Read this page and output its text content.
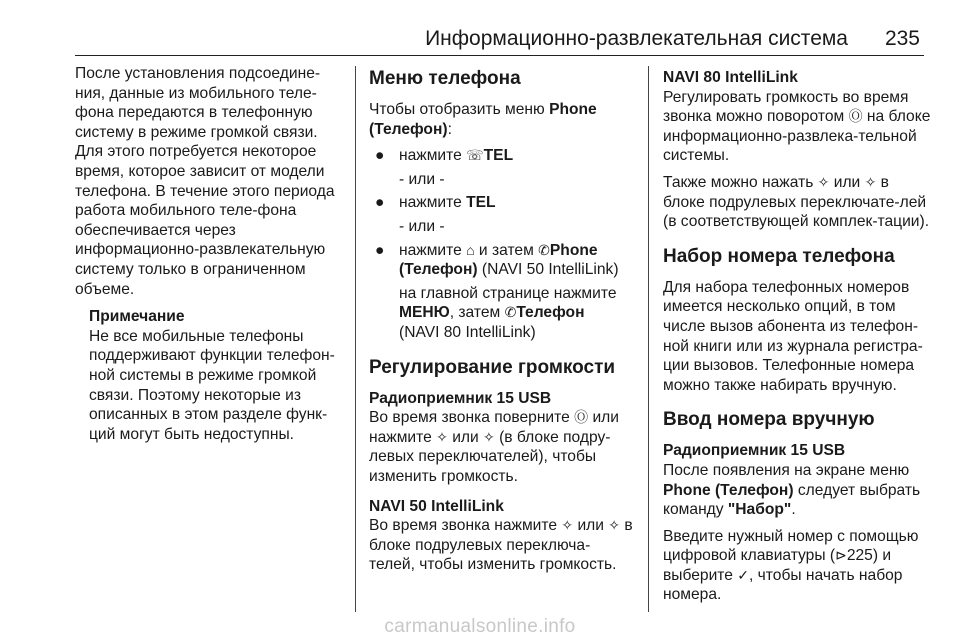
Информационно-развлекательная система 235

После установления подсоедине-ния, данные из мобильного теле-фона передаются в телефонную систему в режиме громкой связи. Для этого потребуется некоторое время, которое зависит от модели телефона. В течение этого периода работа мобильного теле-фона обеспечивается через информационно-развлекательную систему только в ограниченном объеме.

Примечание
Не все мобильные телефоны поддерживают функции телефон-ной системы в режиме громкой связи. Поэтому некоторые из описанных в этом разделе функ-ций могут быть недоступны.
Меню телефона

Чтобы отобразить меню Phone (Телефон):

● нажмите ☏TEL
- или -
● нажмите TEL
- или -
● нажмите ⌂ и затем ✆Phone (Телефон) (NAVI 50 IntelliLink)
на главной странице нажмите МЕНЮ, затем ✆Телефон
(NAVI 80 IntelliLink)
Регулирование громкости
Радиоприемник 15 USB

Во время звонка поверните Ⓞ или нажмите ✧ или ✧ (в блоке подру-левых переключателей), чтобы изменить громкость.

NAVI 50 IntelliLink

Во время звонка нажмите ✧ или ✧ в блоке подрулевых переключа-телей, чтобы изменить громкость.

NAVI 80 IntelliLink

Регулировать громкость во время звонка можно поворотом Ⓞ на блоке информационно-развлека-тельной системы.

Также можно нажать ✧ или ✧ в блоке подрулевых переключате-лей (в соответствующей комплек-тации).

Набор номера телефона

Для набора телефонных номеров имеется несколько опций, в том числе вызов абонента из телефон-ной книги или из журнала регистра-ции вызовов. Телефонные номера можно также набирать вручную.

Ввод номера вручную
Радиоприемник 15 USB

После появления на экране меню Phone (Телефон) следует выбрать команду "Набор".

Введите нужный номер с помощью цифровой клавиатуры (⊳225) и выберите ✓, чтобы начать набор номера.

carmanualsonline.info
